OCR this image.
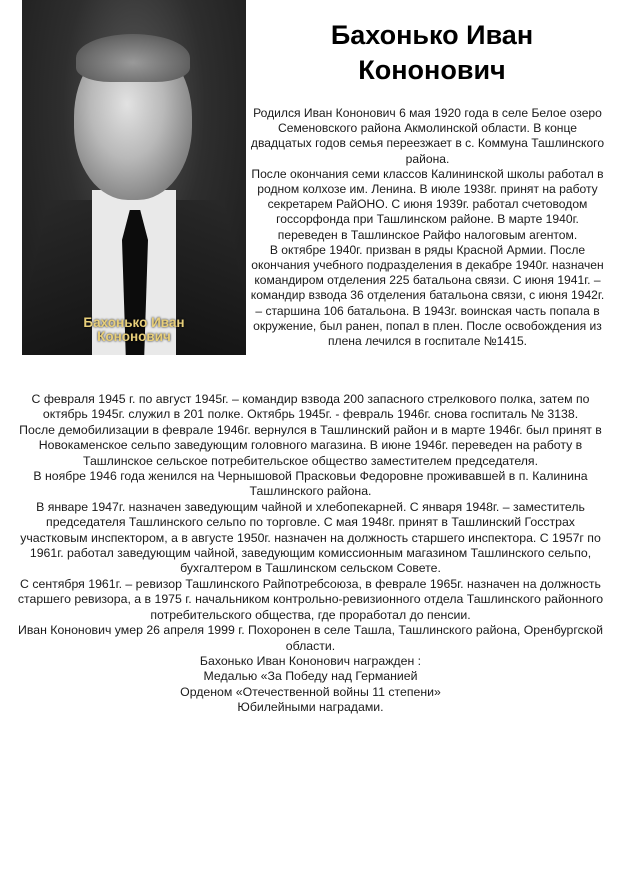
Бахонько Иван
Кононович
Бахонько Иван Кононович

Родился Иван Кононович 6 мая 1920 года в селе Белое озеро Семеновского района Акмолинской области. В конце двадцатых годов семья переезжает в с. Коммуна Ташлинского района.

После окончания семи классов Калининской школы работал в родном колхозе им. Ленина. В июле 1938г. принят на работу секретарем РайОНО. С июня 1939г. работал счетоводом госсорфонда при Ташлинском районе. В марте 1940г. переведен в Ташлинское Райфо налоговым агентом.

В октябре 1940г. призван в ряды Красной Армии. После окончания учебного подразделения в декабре 1940г. назначен командиром отделения 225 батальона связи. С июня 1941г. – командир взвода 36 отделения батальона связи, с июня 1942г. – старшина 106 батальона. В 1943г. воинская часть попала в окружение, был ранен, попал в плен. После освобождения из плена лечился в госпитале №1415.

С февраля 1945 г. по август 1945г. – командир взвода 200 запасного стрелкового полка, затем по октябрь 1945г. служил в 201 полке. Октябрь 1945г. - февраль 1946г. снова госпиталь № 3138.

После демобилизации в феврале 1946г. вернулся в Ташлинский район и в марте 1946г. был принят в Новокаменское сельпо заведующим головного магазина. В июне 1946г. переведен на работу в Ташлинское сельское потребительское общество заместителем председателя.

В ноябре 1946 года женился на Чернышовой Прасковьи Федоровне проживавшей в п. Калинина Ташлинского района.

В январе 1947г. назначен заведующим чайной и хлебопекарней. С января 1948г. – заместитель председателя Ташлинского сельпо по торговле. С мая 1948г. принят в Ташлинский Госстрах участковым инспектором, а в августе 1950г. назначен на должность старшего инспектора. С 1957г по 1961г. работал заведующим чайной, заведующим комиссионным магазином Ташлинского сельпо, бухгалтером в Ташлинском сельском Совете.

С сентября 1961г. – ревизор Ташлинского Райпотребсоюза, в феврале 1965г. назначен на должность старшего ревизора, а в 1975 г. начальником контрольно-ревизионного отдела Ташлинского районного потребительского общества, где проработал до пенсии.

Иван Кононович умер 26 апреля 1999 г. Похоронен в селе Ташла, Ташлинского района, Оренбургской области.

Бахонько Иван Кононович награжден :

Медалью «За Победу над Германией

Орденом «Отечественной войны 11 степени»

Юбилейными наградами.
